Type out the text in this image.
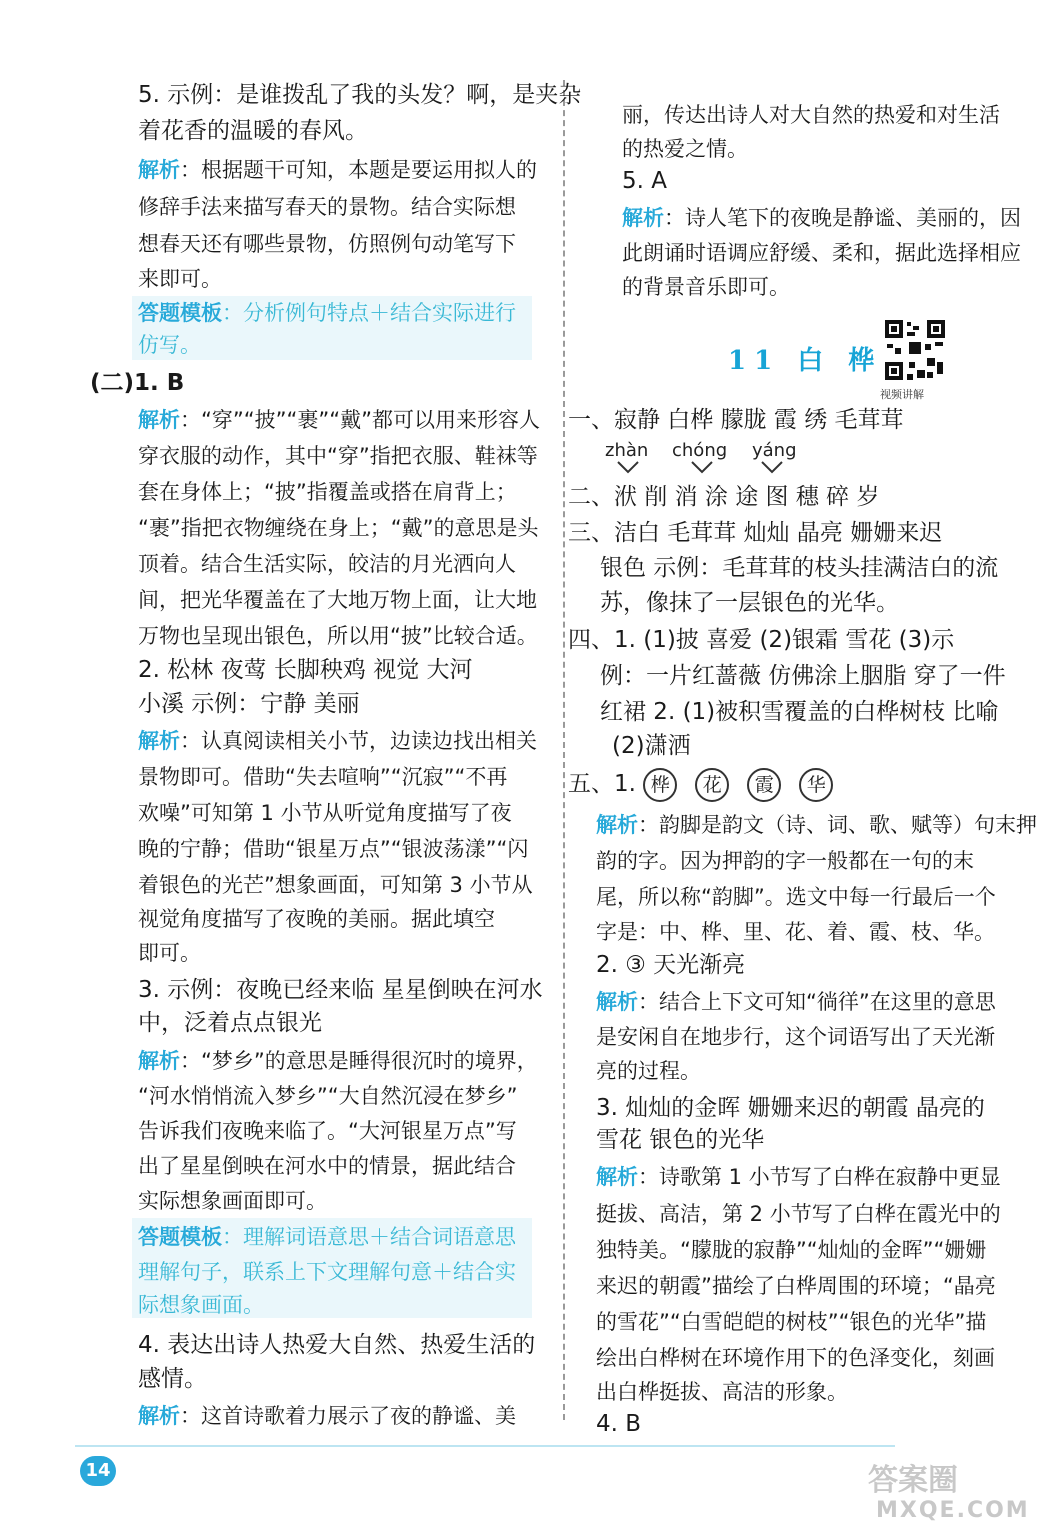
5. 示例：是谁拨乱了我的头发？啊，是夹杂
着花香的温暖的春风。
解析：根据题干可知，本题是要运用拟人的
修辞手法来描写春天的景物。结合实际想
想春天还有哪些景物，仿照例句动笔写下
来即可。
答题模板：分析例句特点＋结合实际进行
仿写。
(二)1. B
解析：“穿”“披”“裹”“戴”都可以用来形容人
穿衣服的动作，其中“穿”指把衣服、鞋袜等
套在身体上；“披”指覆盖或搭在肩背上；
“裹”指把衣物缠绕在身上；“戴”的意思是头
顶着。结合生活实际，皎洁的月光洒向人
间，把光华覆盖在了大地万物上面，让大地
万物也呈现出银色，所以用“披”比较合适。
2. 松林 夜莺 长脚秧鸡 视觉 大河
小溪 示例：宁静 美丽
解析：认真阅读相关小节，边读边找出相关
景物即可。借助“失去喧响”“沉寂”“不再
欢噪”可知第 1 小节从听觉角度描写了夜
晚的宁静；借助“银星万点”“银波荡漾”“闪
着银色的光芒”想象画面，可知第 3 小节从
视觉角度描写了夜晚的美丽。据此填空
即可。
3. 示例：夜晚已经来临 星星倒映在河水
中，泛着点点银光
解析：“梦乡”的意思是睡得很沉时的境界，
“河水悄悄流入梦乡”“大自然沉浸在梦乡”
告诉我们夜晚来临了。“大河银星万点”写
出了星星倒映在河水中的情景，据此结合
实际想象画面即可。
答题模板：理解词语意思＋结合词语意思
理解句子，联系上下文理解句意＋结合实
际想象画面。
4. 表达出诗人热爱大自然、热爱生活的
感情。
解析：这首诗歌着力展示了夜的静谧、美
丽，传达出诗人对大自然的热爱和对生活
的热爱之情。
5. A
解析：诗人笔下的夜晚是静谧、美丽的，因
此朗诵时语调应舒缓、柔和，据此选择相应
的背景音乐即可。
11 白 桦
视频讲解
一、寂静 白桦 朦胧 霞 绣 毛茸茸
zhàn chóng yáng
二、洑 削 消 涂 途 图 穗 碎 岁
三、洁白 毛茸茸 灿灿 晶亮 姗姗来迟
银色 示例：毛茸茸的枝头挂满洁白的流
苏，像抹了一层银色的光华。
四、1. (1)披 喜爱 (2)银霜 雪花 (3)示
例：一片红蔷薇 仿佛涂上胭脂 穿了一件
红裙 2. (1)被积雪覆盖的白桦树枝 比喻
(2)潇洒
五、1. 桦 花 霞 华
解析：韵脚是韵文（诗、词、歌、赋等）句末押
韵的字。因为押韵的字一般都在一句的末
尾，所以称“韵脚”。选文中每一行最后一个
字是：中、桦、里、花、着、霞、枝、华。
2. ③ 天光渐亮
解析：结合上下文可知“徜徉”在这里的意思
是安闲自在地步行，这个词语写出了天光渐
亮的过程。
3. 灿灿的金晖 姗姗来迟的朝霞 晶亮的
雪花 银色的光华
解析：诗歌第 1 小节写了白桦在寂静中更显
挺拔、高洁，第 2 小节写了白桦在霞光中的
独特美。“朦胧的寂静”“灿灿的金晖”“姗姗
来迟的朝霞”描绘了白桦周围的环境；“晶亮
的雪花”“白雪皑皑的树枝”“银色的光华”描
绘出白桦树在环境作用下的色泽变化，刻画
出白桦挺拔、高洁的形象。
4. B
14	答案圈
MXQE.COM
